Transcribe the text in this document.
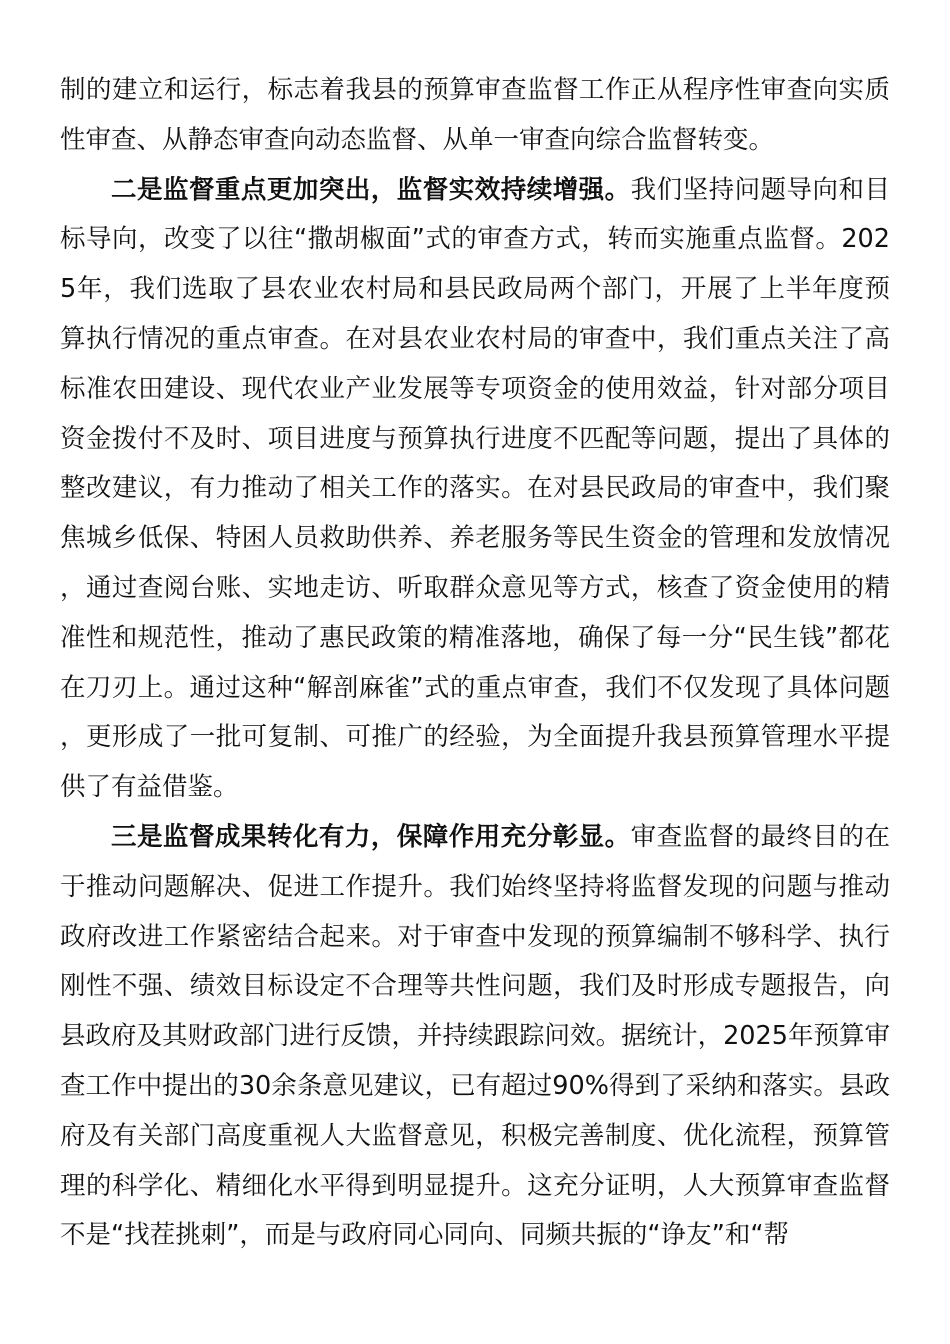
制的建立和运行，标志着我县的预算审查监督工作正从程序性审查向实质性审查、从静态审查向动态监督、从单一审查向综合监督转变。

二是监督重点更加突出，监督实效持续增强。我们坚持问题导向和目标导向，改变了以往“撒胡椒面”式的审查方式，转而实施重点监督。2025年，我们选取了县农业农村局和县民政局两个部门，开展了上半年度预算执行情况的重点审查。在对县农业农村局的审查中，我们重点关注了高标准农田建设、现代农业产业发展等专项资金的使用效益，针对部分项目资金拨付不及时、项目进度与预算执行进度不匹配等问题，提出了具体的整改建议，有力推动了相关工作的落实。在对县民政局的审查中，我们聚焦城乡低保、特困人员救助供养、养老服务等民生资金的管理和发放情况，通过查阅台账、实地走访、听取群众意见等方式，核查了资金使用的精准性和规范性，推动了惠民政策的精准落地，确保了每一分“民生钱”都花在刀刃上。通过这种“解剖麻雀”式的重点审查，我们不仅发现了具体问题，更形成了一批可复制、可推广的经验，为全面提升我县预算管理水平提供了有益借鉴。

三是监督成果转化有力，保障作用充分彰显。审查监督的最终目的在于推动问题解决、促进工作提升。我们始终坚持将监督发现的问题与推动政府改进工作紧密结合起来。对于审查中发现的预算编制不够科学、执行刚性不强、绩效目标设定不合理等共性问题，我们及时形成专题报告，向县政府及其财政部门进行反馈，并持续跟踪问效。据统计，2025年预算审查工作中提出的30余条意见建议，已有超过90%得到了采纳和落实。县政府及有关部门高度重视人大监督意见，积极完善制度、优化流程，预算管理的科学化、精细化水平得到明显提升。这充分证明，人大预算审查监督不是“找茬挑刺”，而是与政府同心同向、同频共振的“诤友”和“帮
